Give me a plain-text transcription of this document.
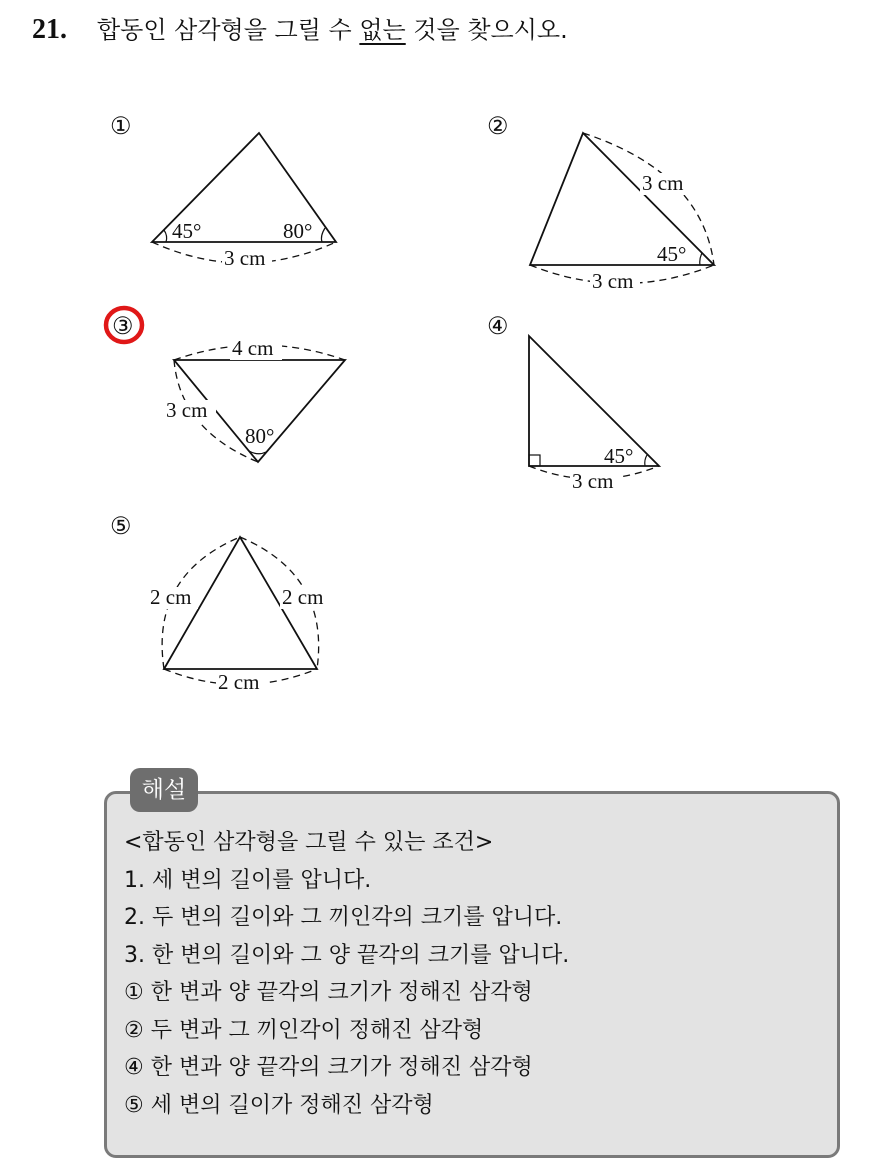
21. 합동인 삼각형을 그릴 수 없는 것을 찾으시오.
①	②
③	④
⑤
45°	80°
3 cm
3 cm
45°
3 cm
4 cm
3 cm
80°
45°
3 cm
2 cm	2 cm
2 cm
해설
<합동인 삼각형을 그릴 수 있는 조건>
1. 세 변의 길이를 압니다.
2. 두 변의 길이와 그 끼인각의 크기를 압니다.
3. 한 변의 길이와 그 양 끝각의 크기를 압니다.
① 한 변과 양 끝각의 크기가 정해진 삼각형
② 두 변과 그 끼인각이 정해진 삼각형
④ 한 변과 양 끝각의 크기가 정해진 삼각형
⑤ 세 변의 길이가 정해진 삼각형
